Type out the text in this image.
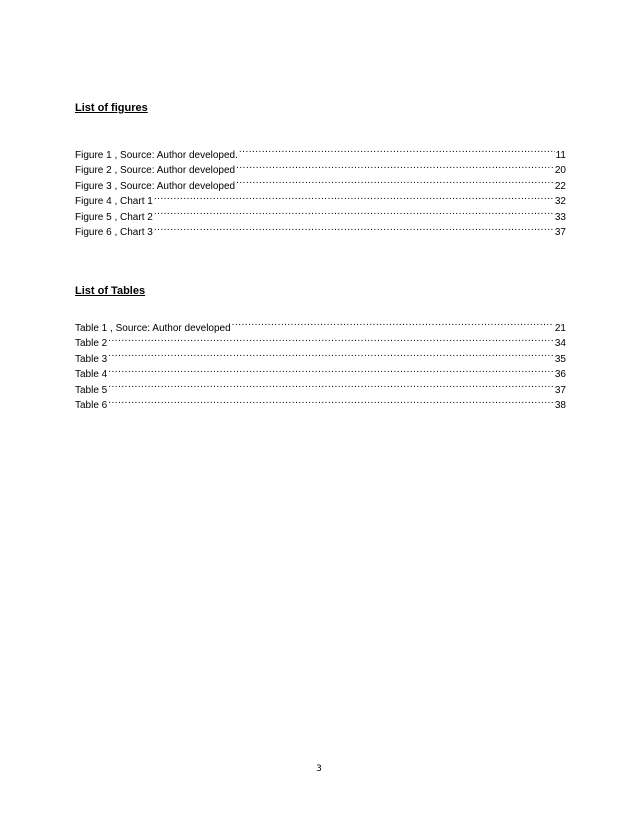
List of figures
Figure 1 , Source: Author developed. .....	11
Figure 2 , Source: Author developed .....	20
Figure 3 , Source: Author developed .....	22
Figure 4 , Chart 1 .....	32
Figure 5 , Chart 2 .....	33
Figure 6 , Chart 3 .....	37
List of Tables
Table 1 , Source: Author developed .....	21
Table 2 .....	34
Table 3 .....	35
Table 4 .....	36
Table 5 .....	37
Table 6 .....	38
3
